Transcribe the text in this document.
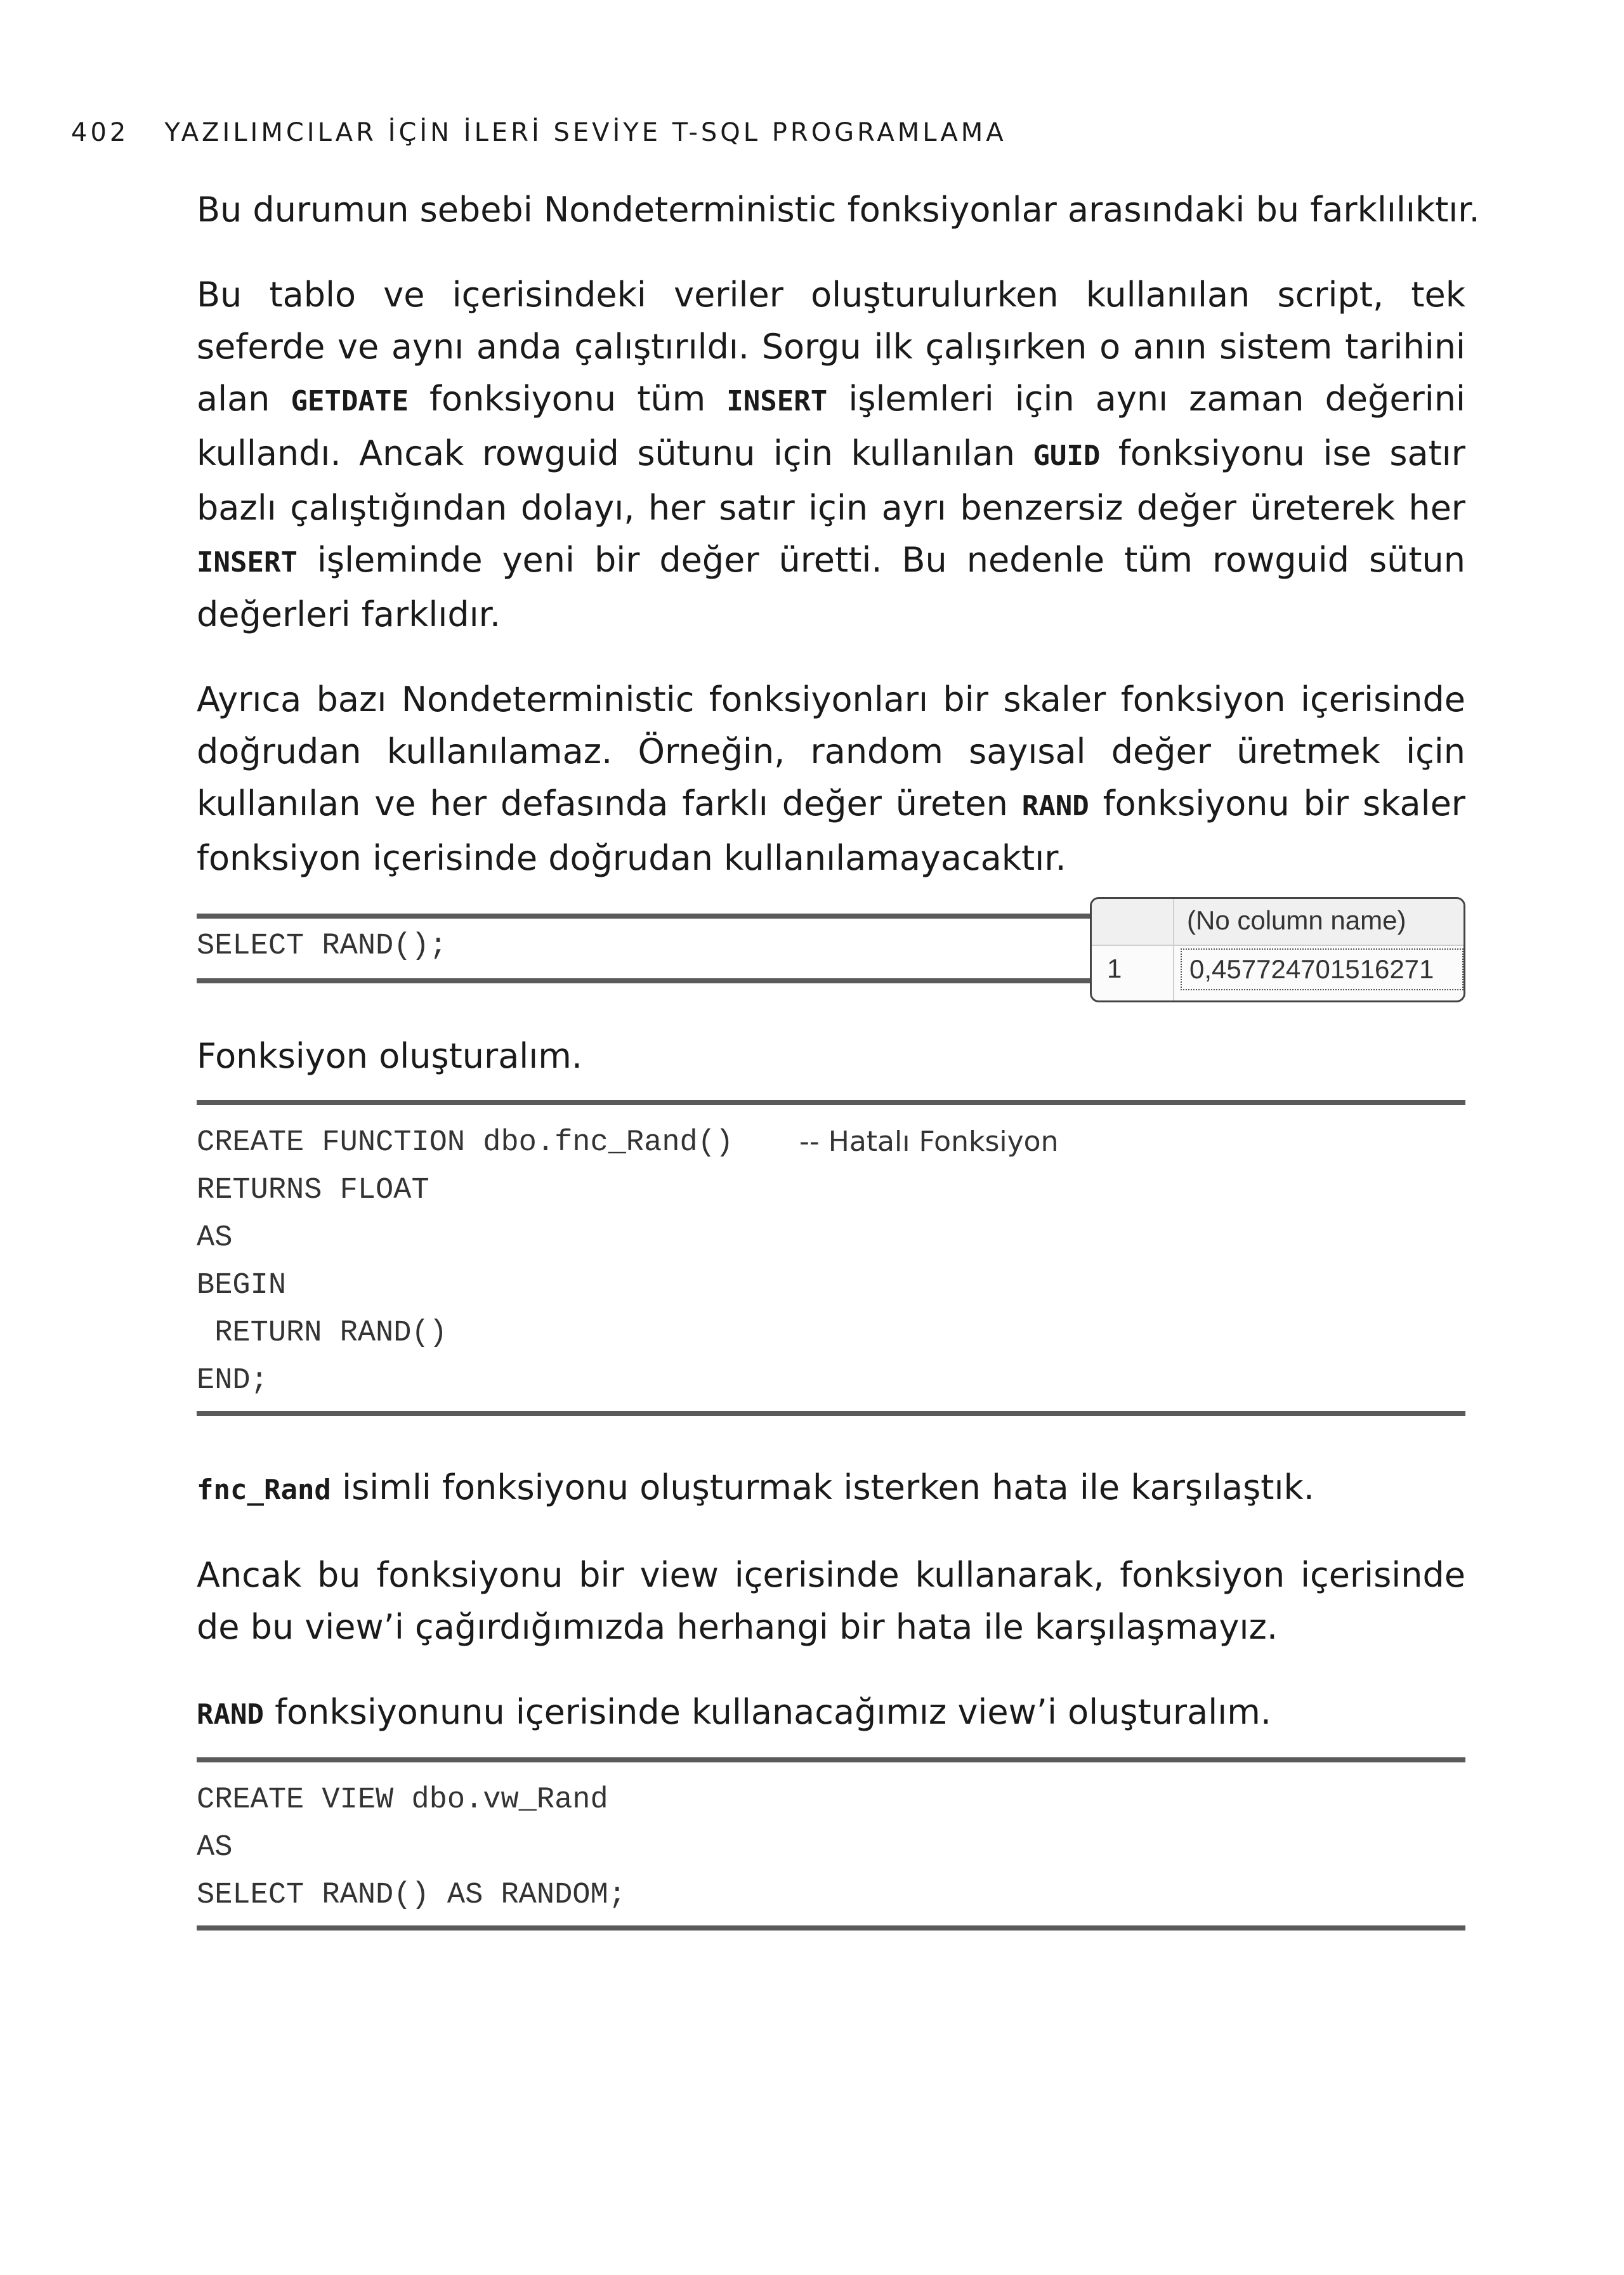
402 YAZILIMCILAR İÇİN İLERİ SEVİYE T-SQL PROGRAMLAMA

Bu durumun sebebi Nondeterministic fonksiyonlar arasındaki bu farklılıktır.

Bu tablo ve içerisindeki veriler oluşturulurken kullanılan script, tek seferde ve aynı anda çalıştırıldı. Sorgu ilk çalışırken o anın sistem tarihini alan GETDATE fonksiyonu tüm INSERT işlemleri için aynı zaman değerini kullandı. Ancak rowguid sütunu için kullanılan GUID fonksiyonu ise satır bazlı çalıştığından dolayı, her satır için ayrı benzersiz değer üreterek her INSERT işleminde yeni bir değer üretti. Bu nedenle tüm rowguid sütun değerleri farklıdır.

Ayrıca bazı Nondeterministic fonksiyonları bir skaler fonksiyon içerisinde doğrudan kullanılamaz. Örneğin, random sayısal değer üretmek için kullanılan ve her defasında farklı değer üreten RAND fonksiyonu bir skaler fonksiyon içerisinde doğrudan kullanılamayacaktır.

SELECT RAND();
(No column name)
1	0,457724701516271

Fonksiyon oluşturalım.

CREATE FUNCTION dbo.fnc_Rand()
RETURNS FLOAT
AS
BEGIN
RETURN RAND()
END;
-- Hatalı Fonksiyon

fnc_Rand isimli fonksiyonu oluşturmak isterken hata ile karşılaştık.

Ancak bu fonksiyonu bir view içerisinde kullanarak, fonksiyon içerisinde de bu view’i çağırdığımızda herhangi bir hata ile karşılaşmayız.

RAND fonksiyonunu içerisinde kullanacağımız view’i oluşturalım.

CREATE VIEW dbo.vw_Rand
AS
SELECT RAND() AS RANDOM;
